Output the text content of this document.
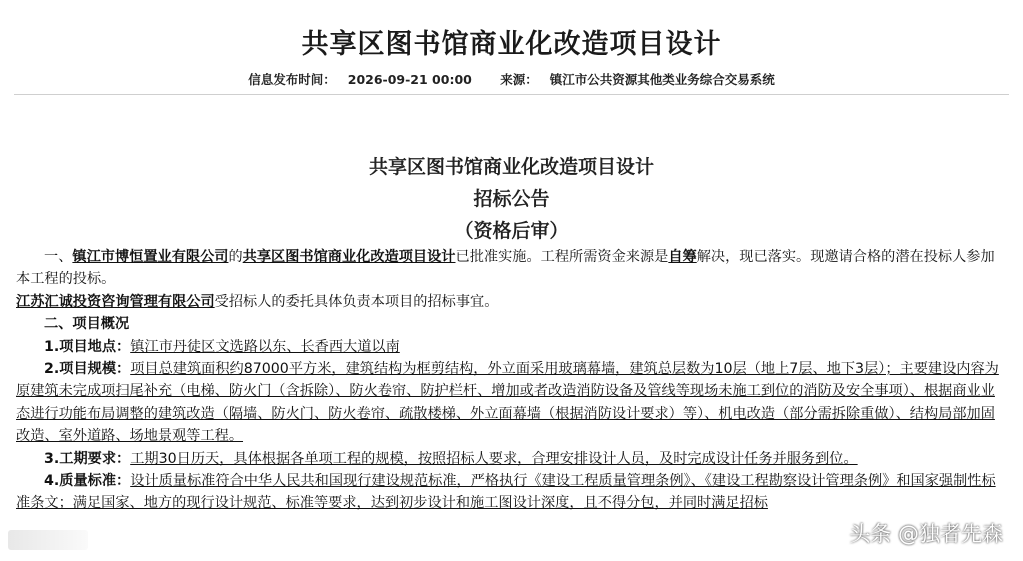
共享区图书馆商业化改造项目设计
信息发布时间： 2026-09-21 00:00 来源： 镇江市公共资源其他类业务综合交易系统
共享区图书馆商业化改造项目设计
招标公告
（资格后审）

一、镇江市博恒置业有限公司的共享区图书馆商业化改造项目设计已批准实施。工程所需资金来源是自筹解决，现已落实。现邀请合格的潜在投标人参加本工程的投标。

江苏汇诚投资咨询管理有限公司受招标人的委托具体负责本项目的招标事宜。

二、项目概况

1.项目地点：镇江市丹徒区文选路以东、长香西大道以南

2.项目规模：项目总建筑面积约87000平方米，建筑结构为框剪结构，外立面采用玻璃幕墙，建筑总层数为10层（地上7层、地下3层）；主要建设内容为原建筑未完成项扫尾补充（电梯、防火门（含拆除）、防火卷帘、防护栏杆、增加或者改造消防设备及管线等现场未施工到位的消防及安全事项）、根据商业业态进行功能布局调整的建筑改造（隔墙、防火门、防火卷帘、疏散楼梯、外立面幕墙（根据消防设计要求）等）、机电改造（部分需拆除重做）、结构局部加固改造、室外道路、场地景观等工程。

3.工期要求：工期30日历天，具体根据各单项工程的规模，按照招标人要求，合理安排设计人员，及时完成设计任务并服务到位。

4.质量标准：设计质量标准符合中华人民共和国现行建设规范标准，严格执行《建设工程质量管理条例》、《建设工程勘察设计管理条例》和国家强制性标准条文；满足国家、地方的现行设计规范、标准等要求，达到初步设计和施工图设计深度，且不得分包，并同时满足招标

头条 @独者先森
